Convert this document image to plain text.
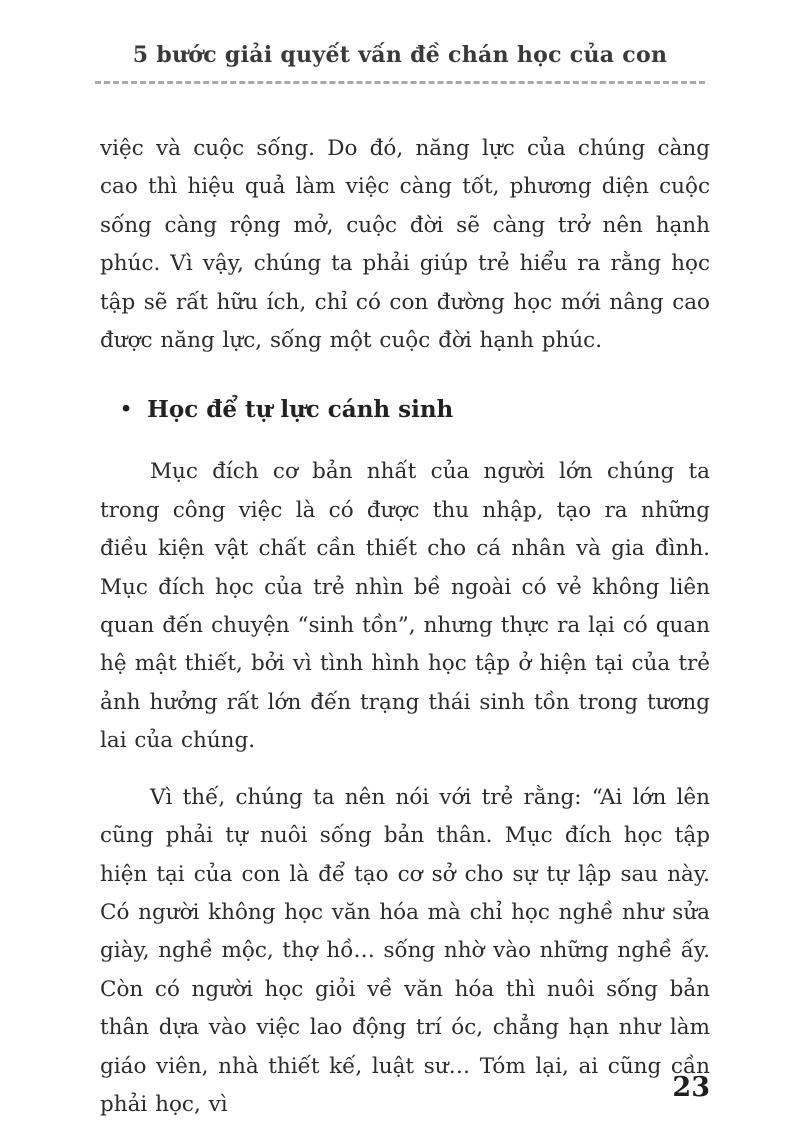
5 bước giải quyết vấn đề chán học của con

việc và cuộc sống. Do đó, năng lực của chúng càng cao thì hiệu quả làm việc càng tốt, phương diện cuộc sống càng rộng mở, cuộc đời sẽ càng trở nên hạnh phúc. Vì vậy, chúng ta phải giúp trẻ hiểu ra rằng học tập sẽ rất hữu ích, chỉ có con đường học mới nâng cao được năng lực, sống một cuộc đời hạnh phúc.

• Học để tự lực cánh sinh

Mục đích cơ bản nhất của người lớn chúng ta trong công việc là có được thu nhập, tạo ra những điều kiện vật chất cần thiết cho cá nhân và gia đình. Mục đích học của trẻ nhìn bề ngoài có vẻ không liên quan đến chuyện “sinh tồn”, nhưng thực ra lại có quan hệ mật thiết, bởi vì tình hình học tập ở hiện tại của trẻ ảnh hưởng rất lớn đến trạng thái sinh tồn trong tương lai của chúng.

Vì thế, chúng ta nên nói với trẻ rằng: “Ai lớn lên cũng phải tự nuôi sống bản thân. Mục đích học tập hiện tại của con là để tạo cơ sở cho sự tự lập sau này. Có người không học văn hóa mà chỉ học nghề như sửa giày, nghề mộc, thợ hồ… sống nhờ vào những nghề ấy. Còn có người học giỏi về văn hóa thì nuôi sống bản thân dựa vào việc lao động trí óc, chẳng hạn như làm giáo viên, nhà thiết kế, luật sư… Tóm lại, ai cũng cần phải học, vì

23
